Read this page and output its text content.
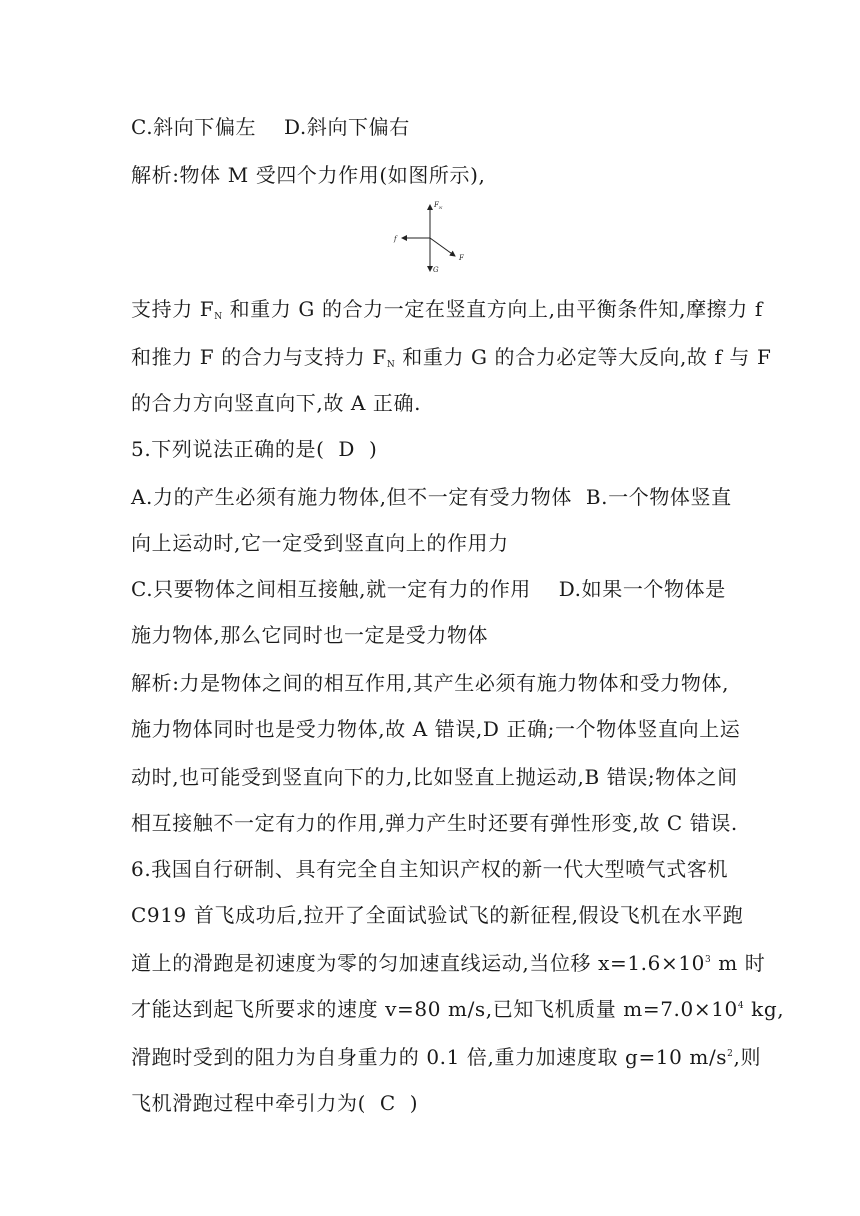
C.斜向下偏左    D.斜向下偏右
解析:物体 M 受四个力作用(如图所示),
$F_N$
f
G
F
支持力 $F_N$ 和重力 G 的合力一定在竖直方向上,由平衡条件知,摩擦力 f
和推力 F 的合力与支持力 $F_N$ 和重力 G 的合力必定等大反向,故 f 与 F
的合力方向竖直向下,故 A 正确.
5.下列说法正确的是(  D  )
A.力的产生必须有施力物体,但不一定有受力物体  B.一个物体竖直
向上运动时,它一定受到竖直向上的作用力
C.只要物体之间相互接触,就一定有力的作用    D.如果一个物体是
施力物体,那么它同时也一定是受力物体
解析:力是物体之间的相互作用,其产生必须有施力物体和受力物体,
施力物体同时也是受力物体,故 A 错误,D 正确;一个物体竖直向上运
动时,也可能受到竖直向下的力,比如竖直上抛运动,B 错误;物体之间
相互接触不一定有力的作用,弹力产生时还要有弹性形变,故 C 错误.
6.我国自行研制、具有完全自主知识产权的新一代大型喷气式客机
C919 首飞成功后,拉开了全面试验试飞的新征程,假设飞机在水平跑
道上的滑跑是初速度为零的匀加速直线运动,当位移 $x=1.6\times 10^3$ m 时
才能达到起飞所要求的速度 v=80 m/s,已知飞机质量 $m=7.0\times 10^4$ kg,
滑跑时受到的阻力为自身重力的 0.1 倍,重力加速度取 g=10 $m/s^2$,则
飞机滑跑过程中牵引力为(  C  )
